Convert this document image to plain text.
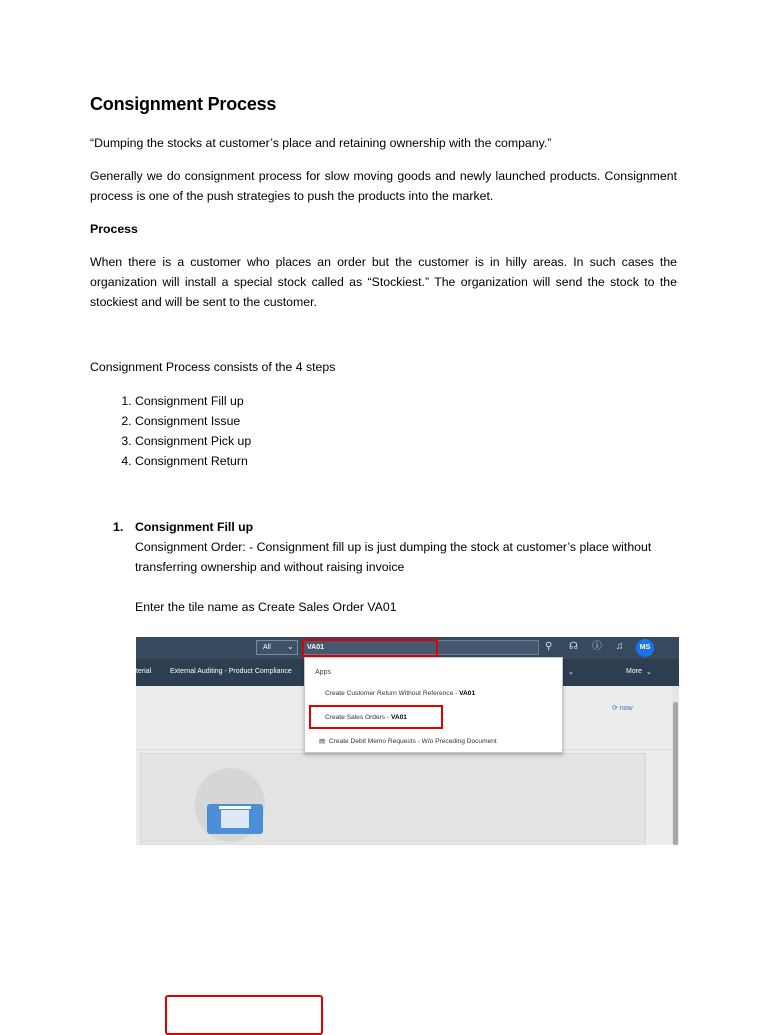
Consignment Process

“Dumping the stocks at customer’s place and retaining ownership with the company.”

Generally we do consignment process for slow moving goods and newly launched products. Consignment process is one of the push strategies to push the products into the market.

Process

When there is a customer who places an order but the customer is in hilly areas. In such cases the organization will install a special stock called as “Stockiest.” The organization will send the stock to the stockiest and will be sent to the customer.

Consignment Process consists of the 4 steps

1. Consignment Fill up
2. Consignment Issue
3. Consignment Pick up
4. Consignment Return
1. Consignment Fill up
Consignment Order: - Consignment fill up is just dumping the stock at customer’s place without transferring ownership and without raising invoice
Enter the tile name as Create Sales Order VA01
All ⌄ VA01	⚲ ☊ ⓘ ♫	MS
terial	External Auditing - Product Compliance	⌄	More ⌄
⟳ now
Apps
Create Customer Return Without Reference - VA01
Create Sales Orders - VA01
▤ Create Debit Memo Requests - W/o Preceding Document
